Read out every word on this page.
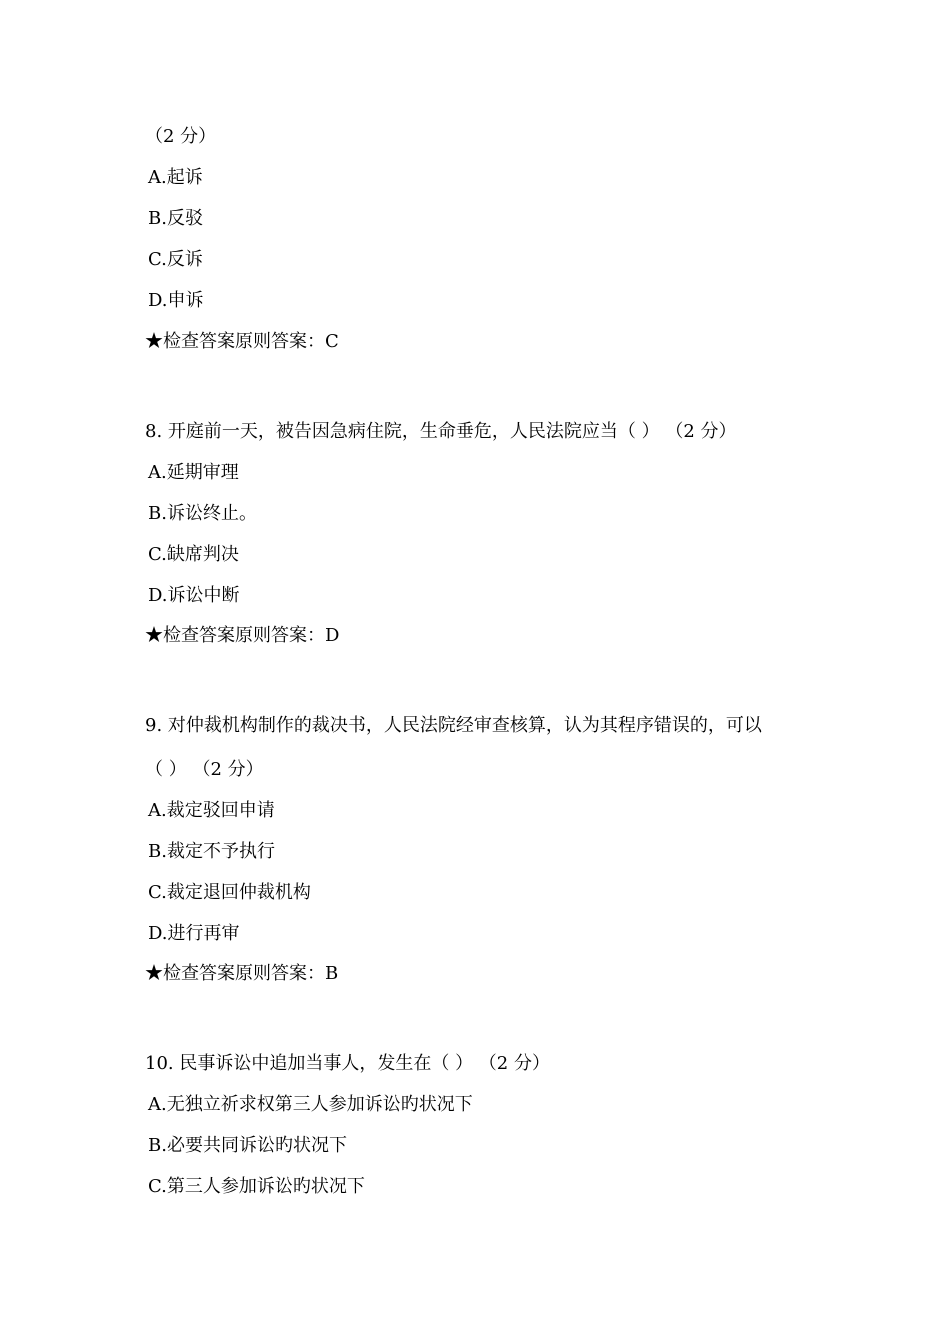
（2 分）
A.起诉
B.反驳
C.反诉
D.申诉
★检查答案原则答案：C
8. 开庭前一天，被告因急病住院，生命垂危，人民法院应当（ ） （2 分）
A.延期审理
B.诉讼终止。
C.缺席判决
D.诉讼中断
★检查答案原则答案：D
9. 对仲裁机构制作的裁决书，人民法院经审查核算，认为其程序错误的，可以
（ ） （2 分）
A.裁定驳回申请
B.裁定不予执行
C.裁定退回仲裁机构
D.进行再审
★检查答案原则答案：B
10. 民事诉讼中追加当事人，发生在（ ） （2 分）
A.无独立祈求权第三人参加诉讼旳状况下
B.必要共同诉讼旳状况下
C.第三人参加诉讼旳状况下
